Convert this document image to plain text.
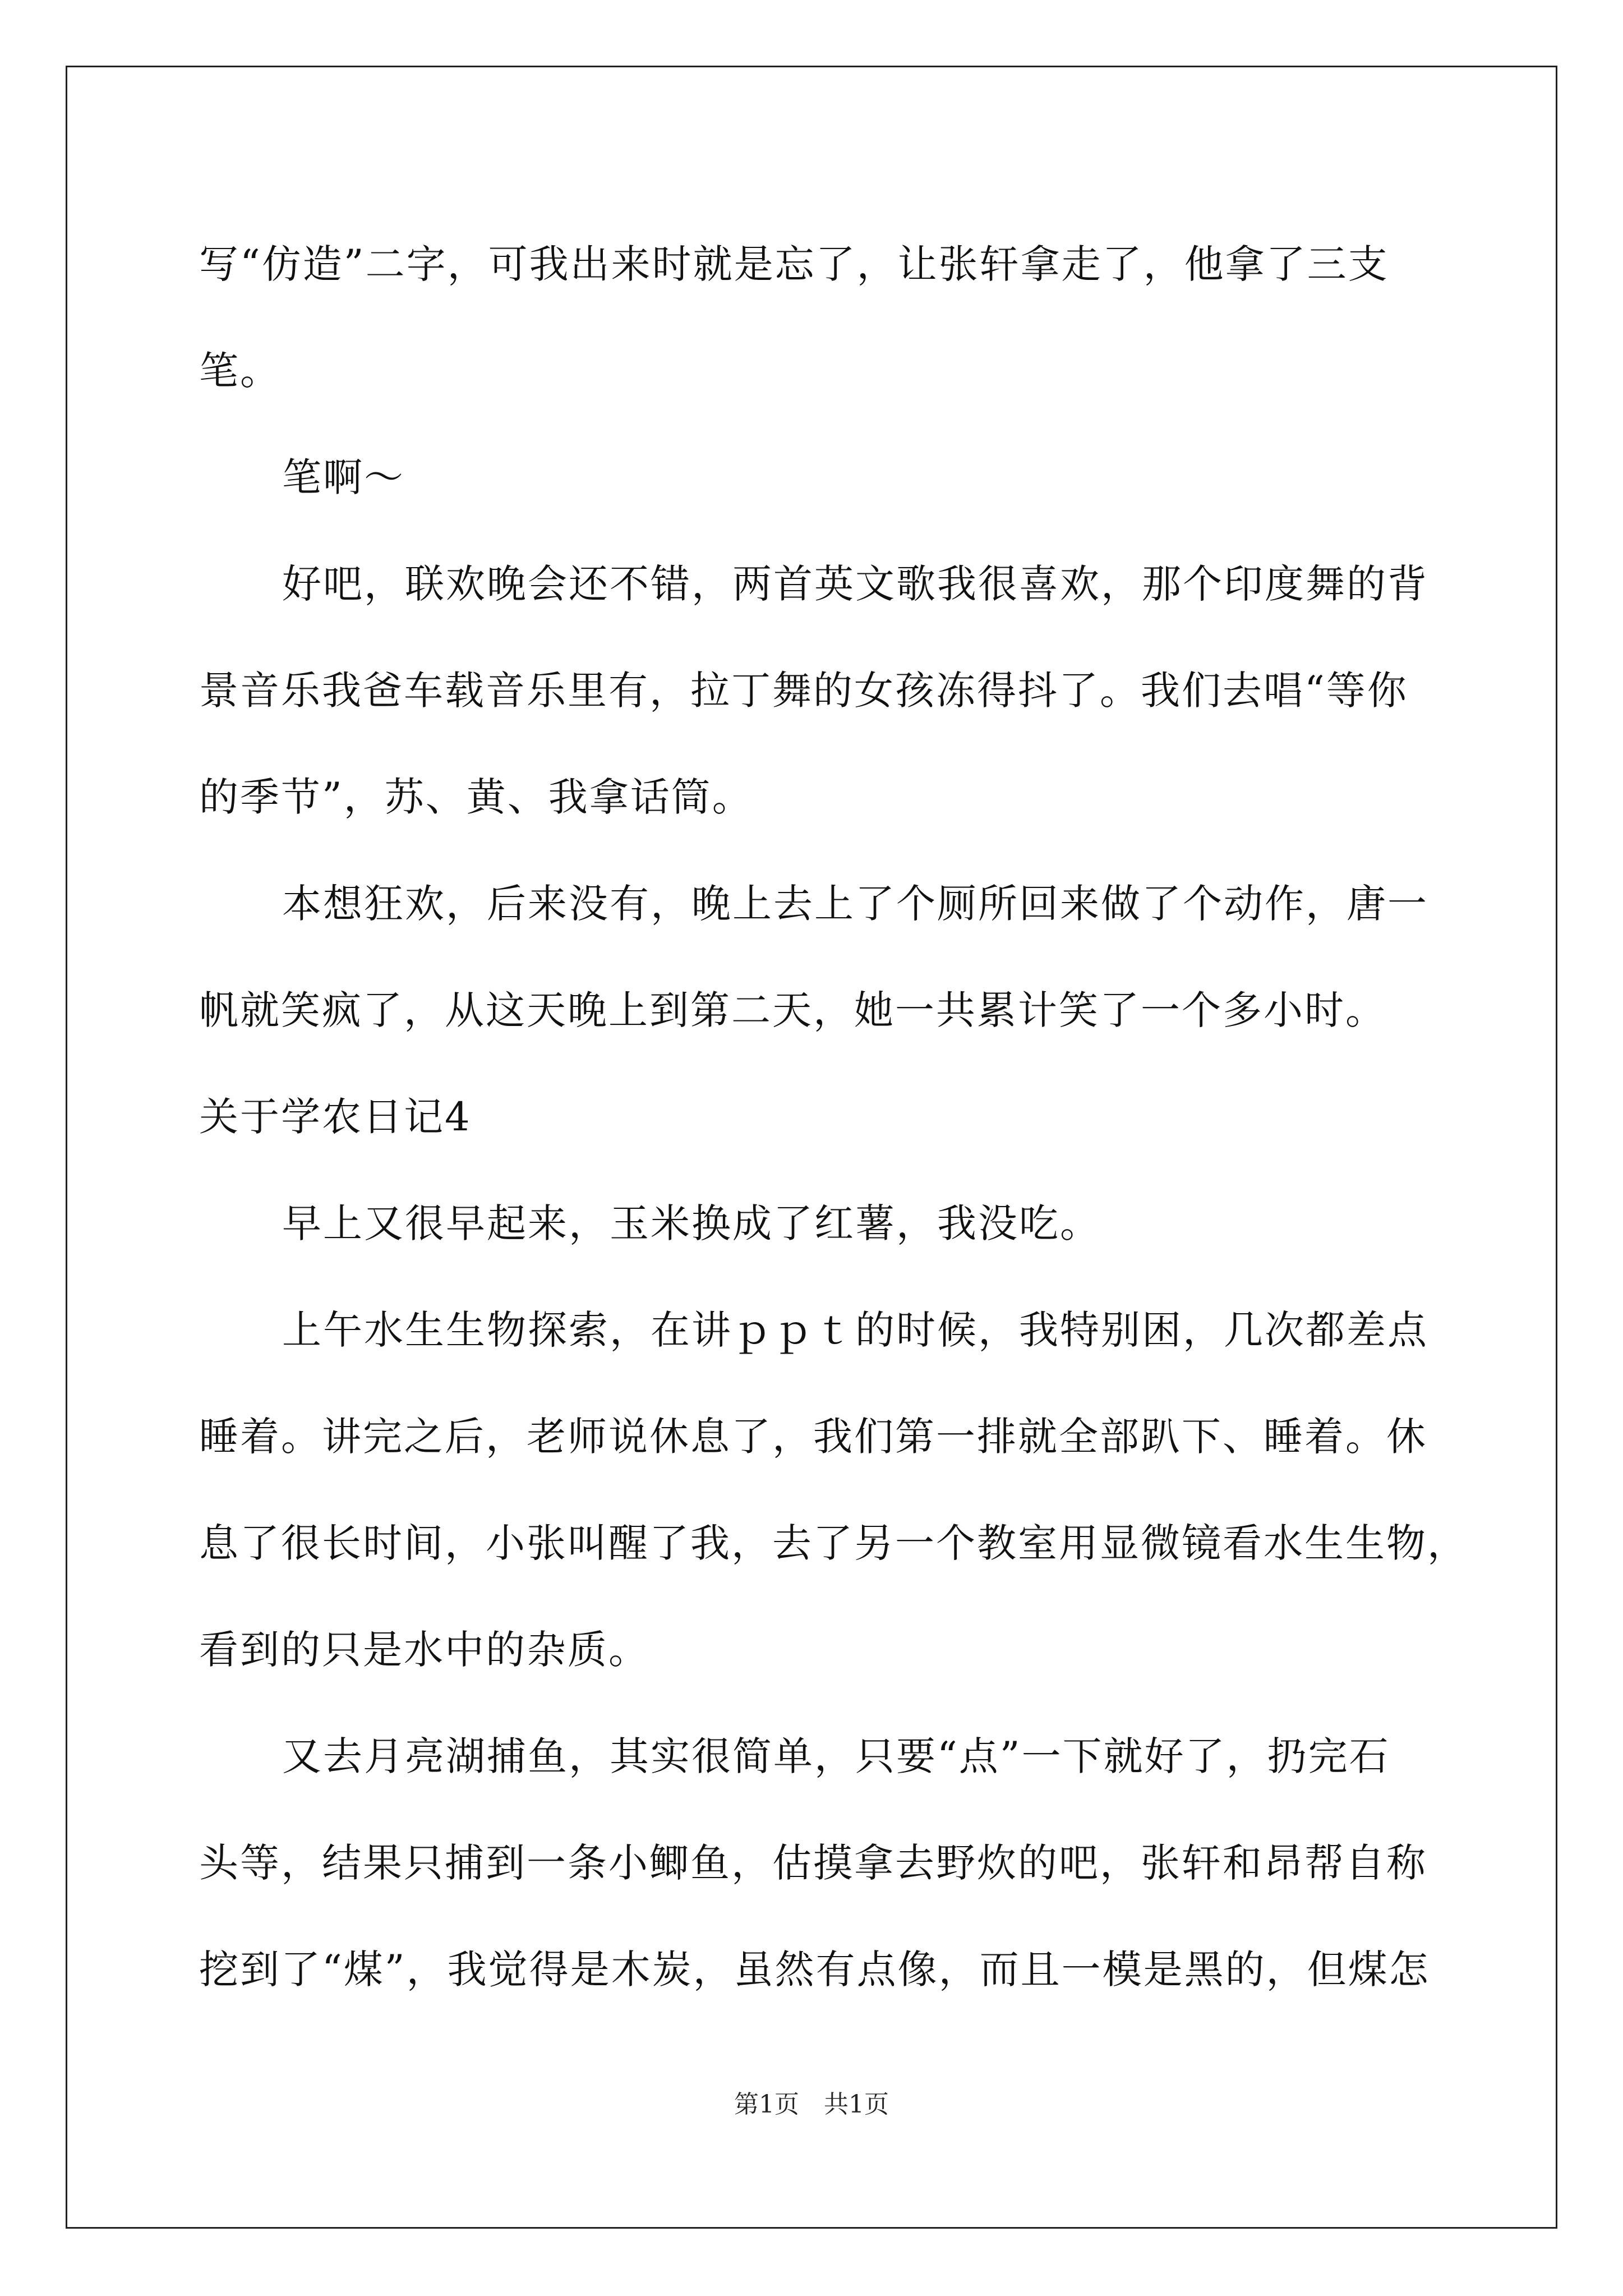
写“仿造”二字，可我出来时就是忘了，让张轩拿走了，他拿了三支
笔。
笔啊～
好吧，联欢晚会还不错，两首英文歌我很喜欢，那个印度舞的背
景音乐我爸车载音乐里有，拉丁舞的女孩冻得抖了。我们去唱“等你
的季节”，苏、黄、我拿话筒。
本想狂欢，后来没有，晚上去上了个厕所回来做了个动作，唐一
帆就笑疯了，从这天晚上到第二天，她一共累计笑了一个多小时。
关于学农日记4
早上又很早起来，玉米换成了红薯，我没吃。
上午水生生物探索，在讲ｐｐｔ的时候，我特别困，几次都差点
睡着。讲完之后，老师说休息了，我们第一排就全部趴下、睡着。休
息了很长时间，小张叫醒了我，去了另一个教室用显微镜看水生生物，
看到的只是水中的杂质。
又去月亮湖捕鱼，其实很简单，只要“点”一下就好了，扔完石
头等，结果只捕到一条小鲫鱼，估摸拿去野炊的吧，张轩和昂帮自称
挖到了“煤”，我觉得是木炭，虽然有点像，而且一模是黑的，但煤怎
第1页 共1页
